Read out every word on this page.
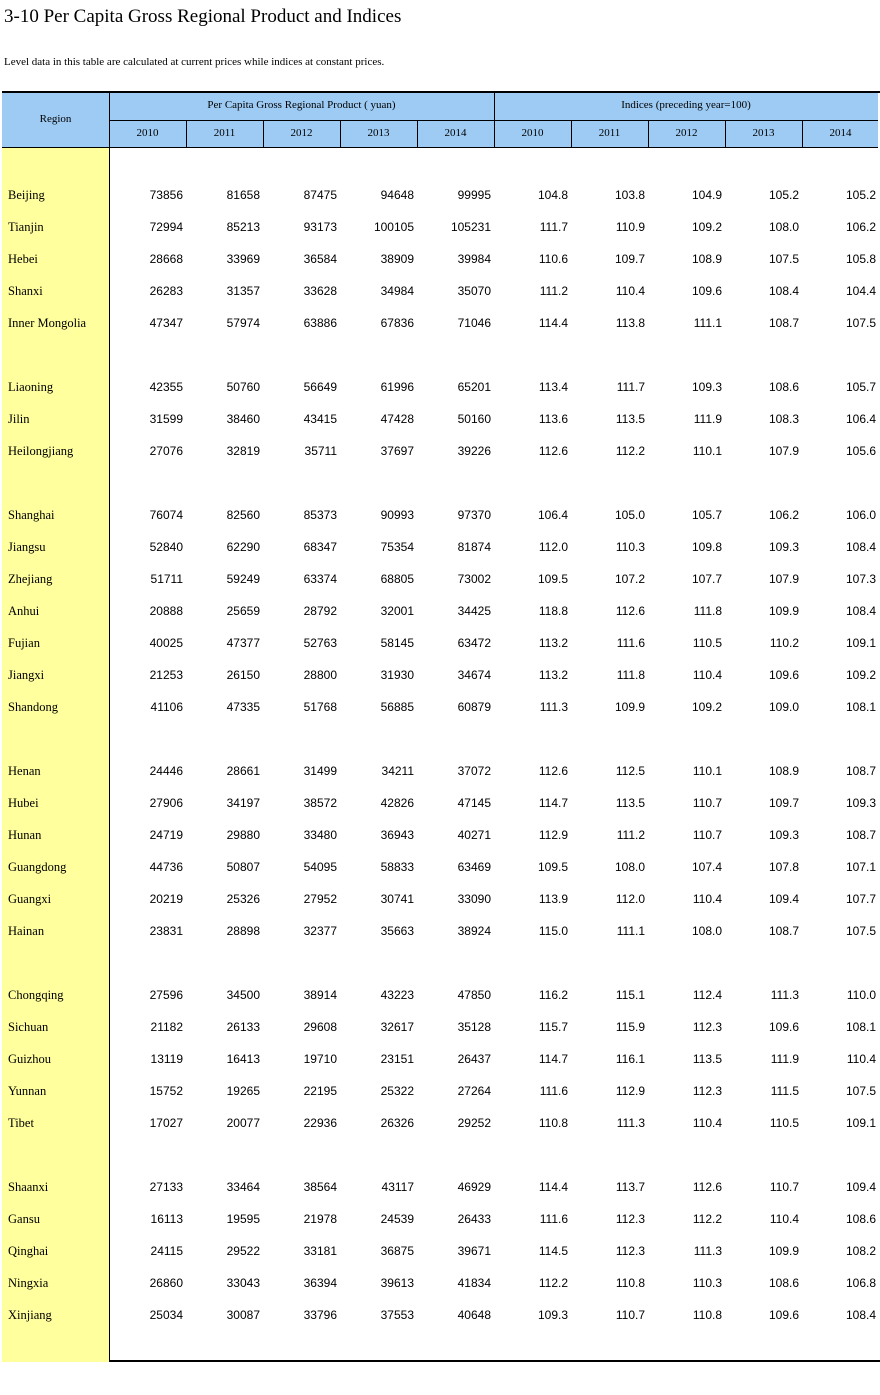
3-10 Per Capita Gross Regional Product and Indices
Level data in this table are calculated at current prices while indices at constant prices.
Region
Per Capita Gross Regional Product ( yuan)	Indices (preceding year=100)
2010	2011	2012	2013	2014	2010	2011	2012	2013	2014
Beijing	73856	81658	87475	94648	99995	104.8	103.8	104.9	105.2	105.2
Tianjin	72994	85213	93173	100105	105231	111.7	110.9	109.2	108.0	106.2
Hebei	28668	33969	36584	38909	39984	110.6	109.7	108.9	107.5	105.8
Shanxi	26283	31357	33628	34984	35070	111.2	110.4	109.6	108.4	104.4
Inner Mongolia	47347	57974	63886	67836	71046	114.4	113.8	111.1	108.7	107.5
Liaoning	42355	50760	56649	61996	65201	113.4	111.7	109.3	108.6	105.7
Jilin	31599	38460	43415	47428	50160	113.6	113.5	111.9	108.3	106.4
Heilongjiang	27076	32819	35711	37697	39226	112.6	112.2	110.1	107.9	105.6
Shanghai	76074	82560	85373	90993	97370	106.4	105.0	105.7	106.2	106.0
Jiangsu	52840	62290	68347	75354	81874	112.0	110.3	109.8	109.3	108.4
Zhejiang	51711	59249	63374	68805	73002	109.5	107.2	107.7	107.9	107.3
Anhui	20888	25659	28792	32001	34425	118.8	112.6	111.8	109.9	108.4
Fujian	40025	47377	52763	58145	63472	113.2	111.6	110.5	110.2	109.1
Jiangxi	21253	26150	28800	31930	34674	113.2	111.8	110.4	109.6	109.2
Shandong	41106	47335	51768	56885	60879	111.3	109.9	109.2	109.0	108.1
Henan	24446	28661	31499	34211	37072	112.6	112.5	110.1	108.9	108.7
Hubei	27906	34197	38572	42826	47145	114.7	113.5	110.7	109.7	109.3
Hunan	24719	29880	33480	36943	40271	112.9	111.2	110.7	109.3	108.7
Guangdong	44736	50807	54095	58833	63469	109.5	108.0	107.4	107.8	107.1
Guangxi	20219	25326	27952	30741	33090	113.9	112.0	110.4	109.4	107.7
Hainan	23831	28898	32377	35663	38924	115.0	111.1	108.0	108.7	107.5
Chongqing	27596	34500	38914	43223	47850	116.2	115.1	112.4	111.3	110.0
Sichuan	21182	26133	29608	32617	35128	115.7	115.9	112.3	109.6	108.1
Guizhou	13119	16413	19710	23151	26437	114.7	116.1	113.5	111.9	110.4
Yunnan	15752	19265	22195	25322	27264	111.6	112.9	112.3	111.5	107.5
Tibet	17027	20077	22936	26326	29252	110.8	111.3	110.4	110.5	109.1
Shaanxi	27133	33464	38564	43117	46929	114.4	113.7	112.6	110.7	109.4
Gansu	16113	19595	21978	24539	26433	111.6	112.3	112.2	110.4	108.6
Qinghai	24115	29522	33181	36875	39671	114.5	112.3	111.3	109.9	108.2
Ningxia	26860	33043	36394	39613	41834	112.2	110.8	110.3	108.6	106.8
Xinjiang	25034	30087	33796	37553	40648	109.3	110.7	110.8	109.6	108.4
